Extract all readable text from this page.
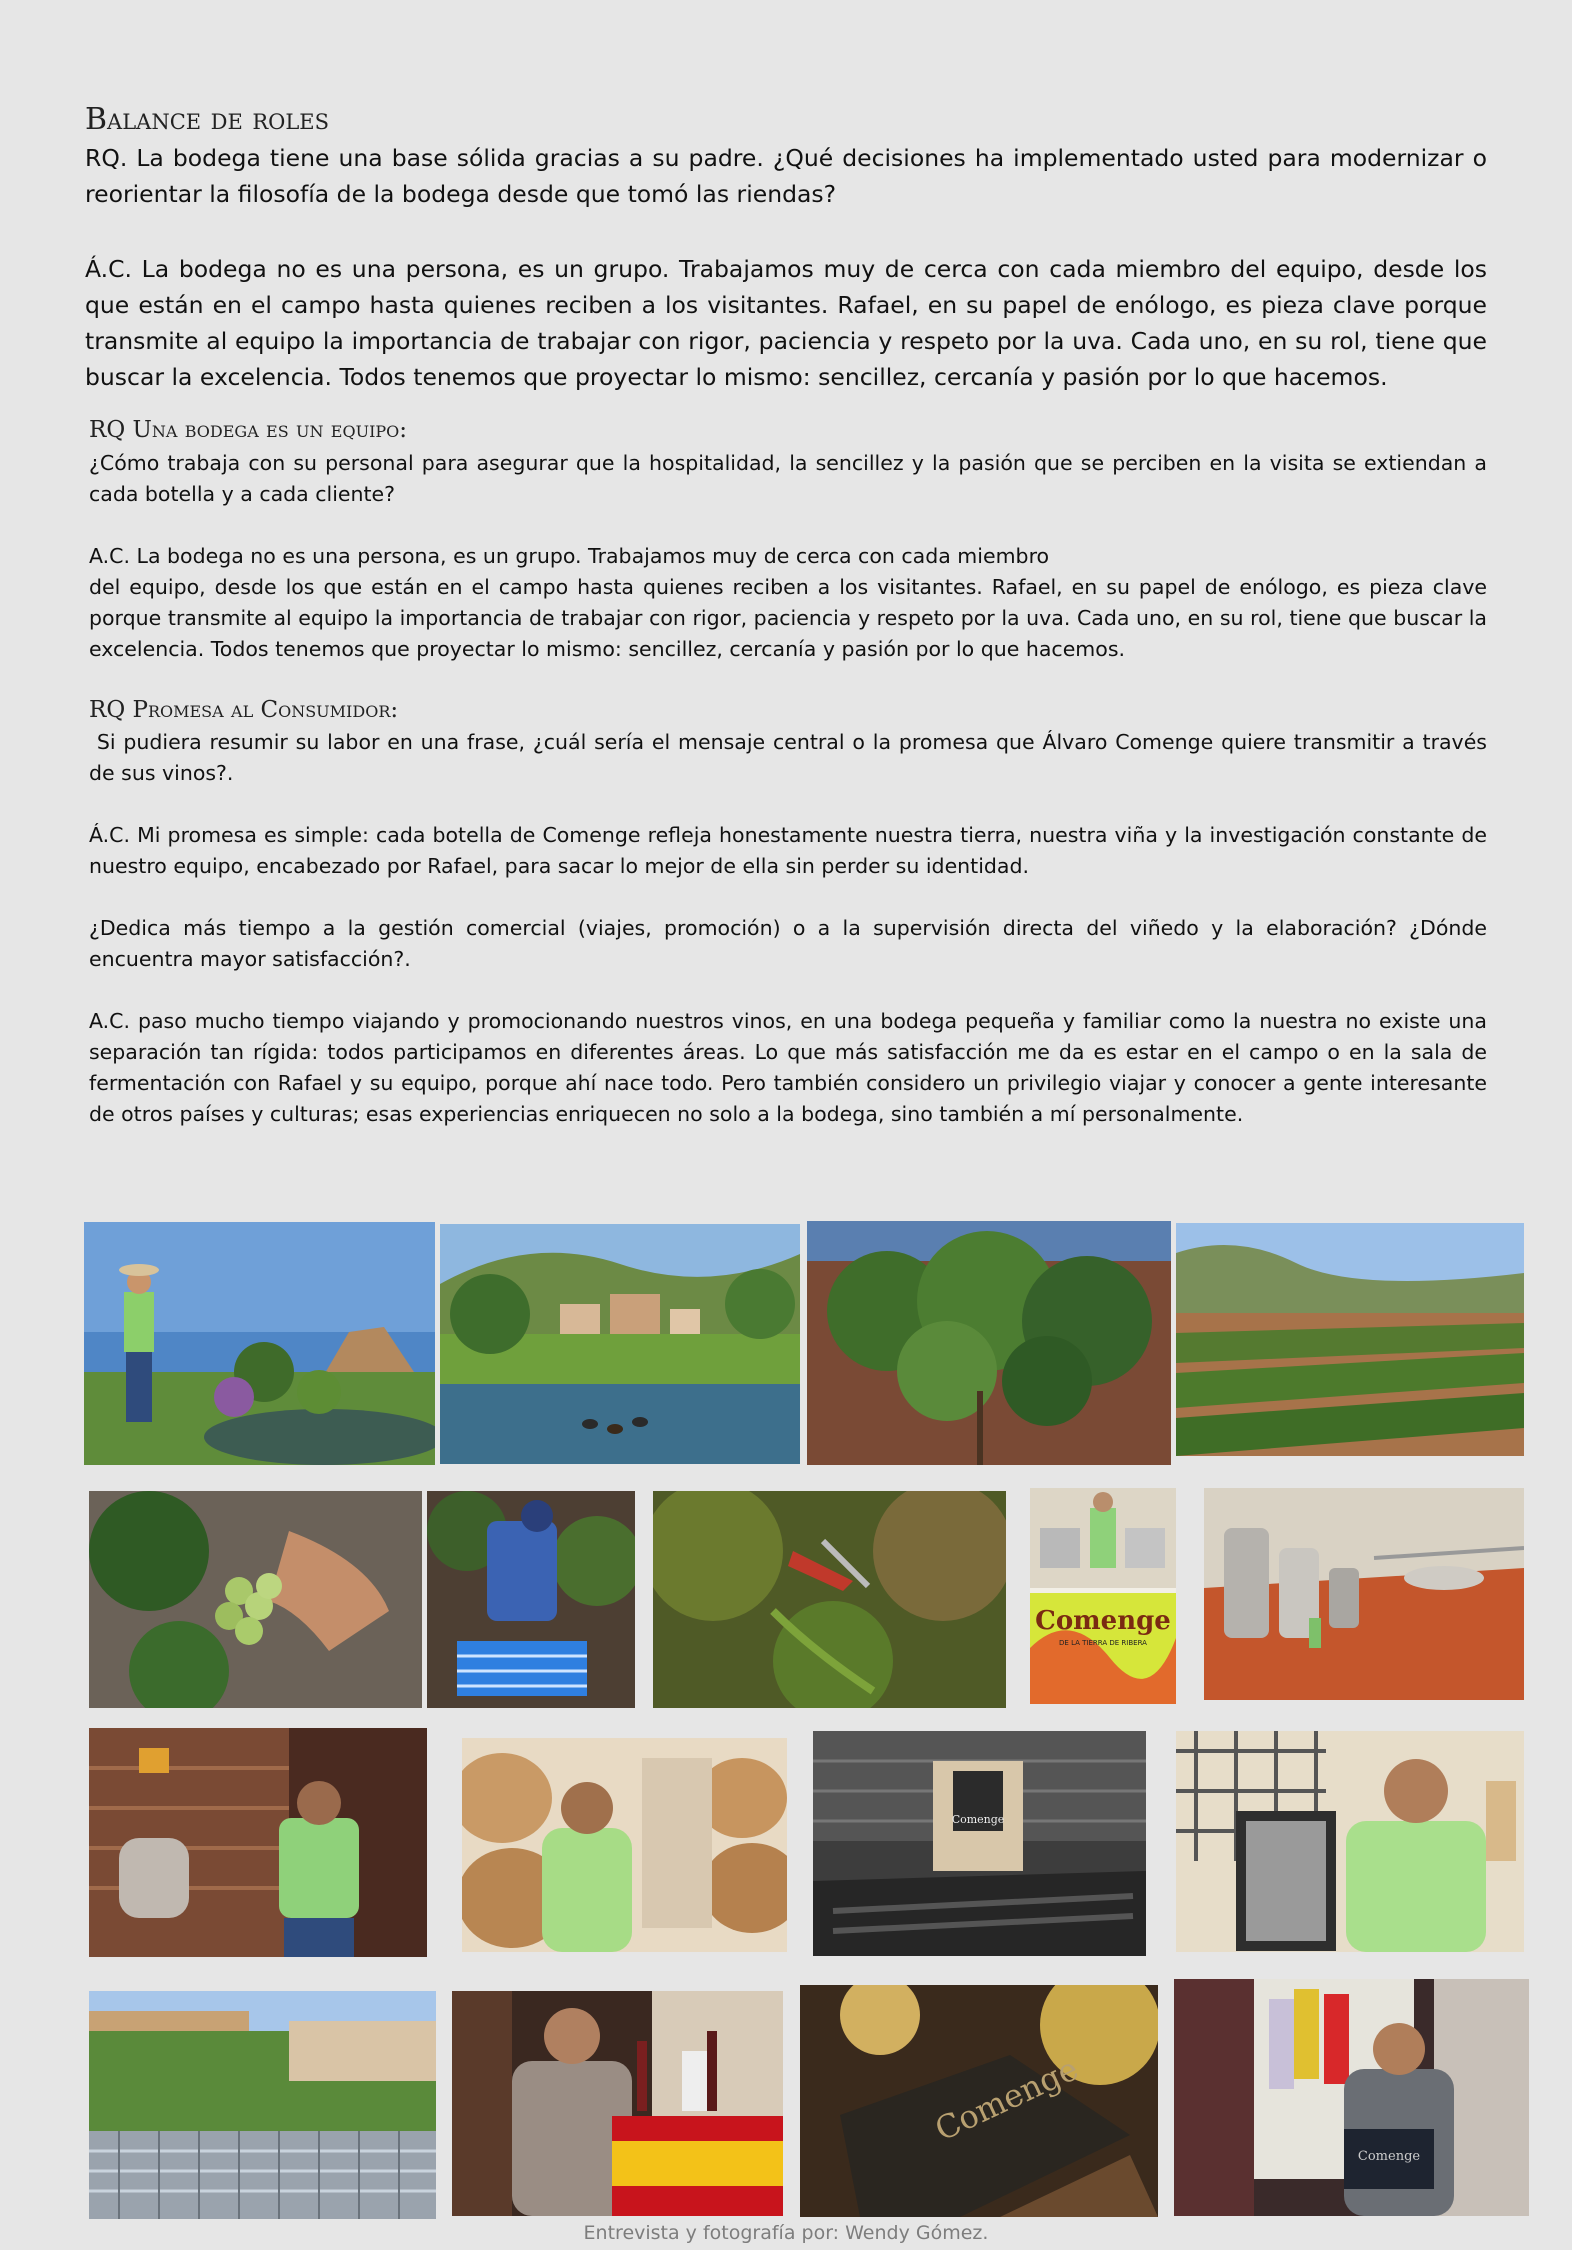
Balance de roles

RQ. La bodega tiene una base sólida gracias a su padre. ¿Qué decisiones ha implementado usted para modernizar o reorientar la filosofía de la bodega desde que tomó las riendas?

Á.C. La bodega no es una persona, es un grupo. Trabajamos muy de cerca con cada miembro del equipo, desde los que están en el campo hasta quienes reciben a los visitantes. Rafael, en su papel de enólogo, es pieza clave porque transmite al equipo la importancia de trabajar con rigor, paciencia y respeto por la uva. Cada uno, en su rol, tiene que buscar la excelencia. Todos tenemos que proyectar lo mismo: sencillez, cercanía y pasión por lo que hacemos.

RQ Una bodega es un equipo:

¿Cómo trabaja con su personal para asegurar que la hospitalidad, la sencillez y la pasión que se perciben en la visita se extiendan a cada botella y a cada cliente?

A.C. La bodega no es una persona, es un grupo. Trabajamos muy de cerca con cada miembro

del equipo, desde los que están en el campo hasta quienes reciben a los visitantes. Rafael, en su papel de enólogo, es pieza clave porque transmite al equipo la importancia de trabajar con rigor, paciencia y respeto por la uva. Cada uno, en su rol, tiene que buscar la excelencia. Todos tenemos que proyectar lo mismo: sencillez, cercanía y pasión por lo que hacemos.

RQ Promesa al Consumidor:

Si pudiera resumir su labor en una frase, ¿cuál sería el mensaje central o la promesa que Álvaro Comenge quiere transmitir a través de sus vinos?.

Á.C. Mi promesa es simple: cada botella de Comenge refleja honestamente nuestra tierra, nuestra viña y la investigación constante de nuestro equipo, encabezado por Rafael, para sacar lo mejor de ella sin perder su identidad.

¿Dedica más tiempo a la gestión comercial (viajes, promoción) o a la supervisión directa del viñedo y la elaboración? ¿Dónde encuentra mayor satisfacción?.

A.C. paso mucho tiempo viajando y promocionando nuestros vinos, en una bodega pequeña y familiar como la nuestra no existe una separación tan rígida: todos participamos en diferentes áreas. Lo que más satisfacción me da es estar en el campo o en la sala de fermentación con Rafael y su equipo, porque ahí nace todo. Pero también considero un privilegio viajar y conocer a gente interesante de otros países y culturas; esas experiencias enriquecen no solo a la bodega, sino también a mí personalmente.

Comenge
DE LA TIERRA DE RIBERA
Comenge
Comenge
Comenge
Entrevista y fotografía por: Wendy Gómez.
